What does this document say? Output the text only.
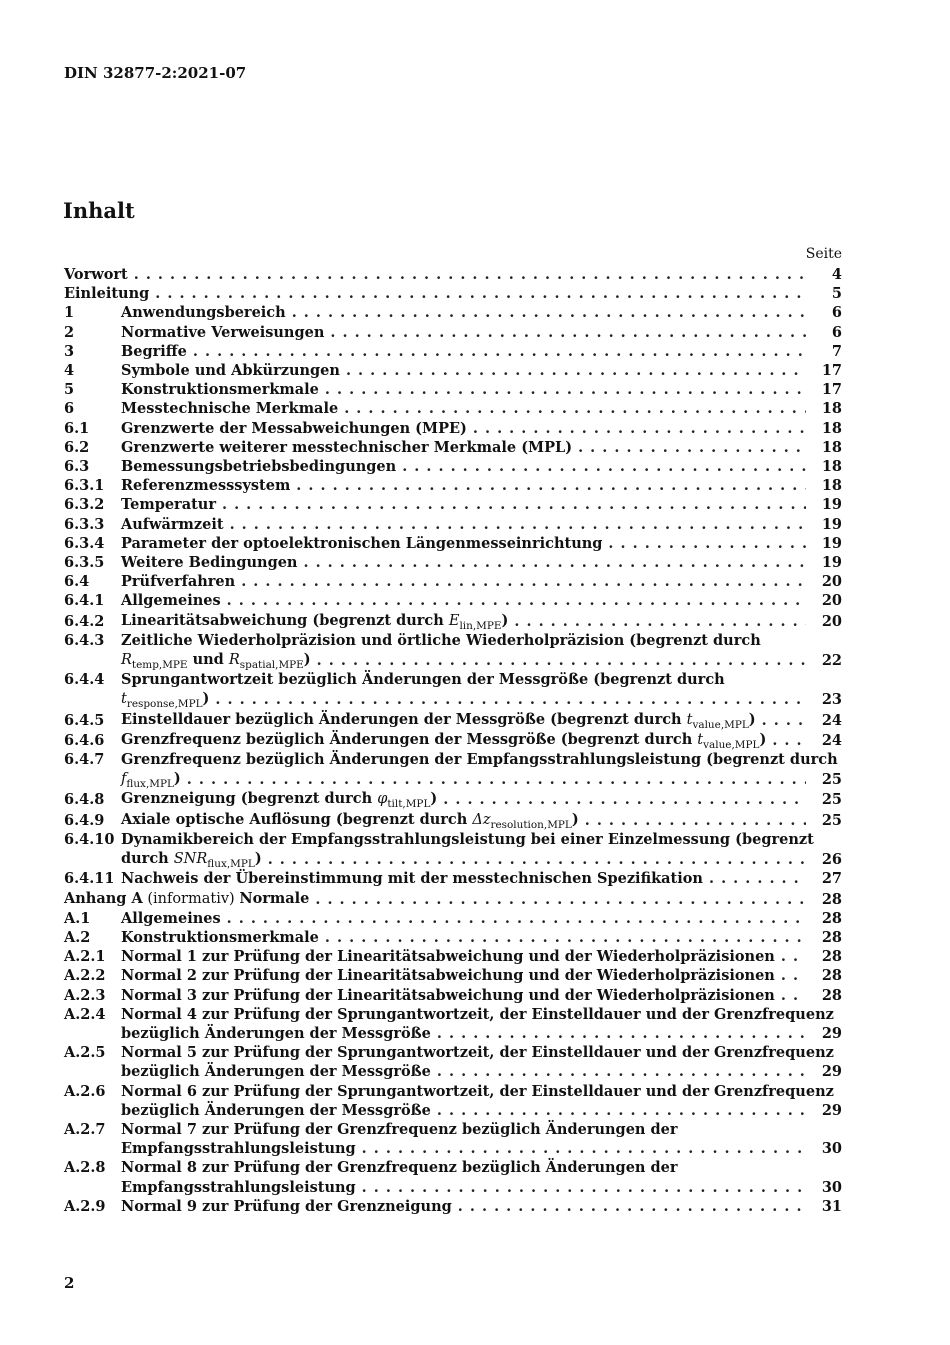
DIN 32877-2:2021-07
Inhalt
Seite
Vorwort . . .	4
Einleitung . . .	5
1	Anwendungsbereich . . .	6
2	Normative Verweisungen . . .	6
3	Begriffe . . .	7
4	Symbole und Abkürzungen . . .	17
5	Konstruktionsmerkmale . . .	17
6	Messtechnische Merkmale . . .	18
6.1	Grenzwerte der Messabweichungen (MPE) . . .	18
6.2	Grenzwerte weiterer messtechnischer Merkmale (MPL) . . .	18
6.3	Bemessungsbetriebsbedingungen . . .	18
6.3.1	Referenzmesssystem . . .	18
6.3.2	Temperatur . . .	19
6.3.3	Aufwärmzeit . . .	19
6.3.4	Parameter der optoelektronischen Längenmesseinrichtung . . .	19
6.3.5	Weitere Bedingungen . . .	19
6.4	Prüfverfahren . . .	20
6.4.1	Allgemeines . . .	20
6.4.2	Linearitätsabweichung (begrenzt durch $E_{lin,MPE}$) . . .	20
6.4.3	Zeitliche Wiederholpräzision und örtliche Wiederholpräzision (begrenzt durch
$R_{temp,MPE}$ und $R_{spatial,MPE}$) . . .	22
6.4.4	Sprungantwortzeit bezüglich Änderungen der Messgröße (begrenzt durch
$t_{response,MPL}$) . . .	23
6.4.5	Einstelldauer bezüglich Änderungen der Messgröße (begrenzt durch $t_{value,MPL}$) . . .	24
6.4.6	Grenzfrequenz bezüglich Änderungen der Messgröße (begrenzt durch $t_{value,MPL}$) . . .	24
6.4.7	Grenzfrequenz bezüglich Änderungen der Empfangsstrahlungsleistung (begrenzt durch
$f_{flux,MPL}$) . . .	25
6.4.8	Grenzneigung (begrenzt durch $\varphi_{tilt,MPL}$) . . .	25
6.4.9	Axiale optische Auflösung (begrenzt durch $\Delta z_{resolution,MPL}$) . . .	25
6.4.10 Dynamikbereich der Empfangsstrahlungsleistung bei einer Einzelmessung (begrenzt
durch $SNR_{flux,MPL}$) . . .	26
6.4.11 Nachweis der Übereinstimmung mit der messtechnischen Spezifikation . . .	27
Anhang A (informativ) Normale . . .	28
A.1	Allgemeines . . .	28
A.2	Konstruktionsmerkmale . . .	28
A.2.1	Normal 1 zur Prüfung der Linearitätsabweichung und der Wiederholpräzisionen . . .	28
A.2.2	Normal 2 zur Prüfung der Linearitätsabweichung und der Wiederholpräzisionen . . .	28
A.2.3	Normal 3 zur Prüfung der Linearitätsabweichung und der Wiederholpräzisionen . . .	28
A.2.4	Normal 4 zur Prüfung der Sprungantwortzeit, der Einstelldauer und der Grenzfrequenz
bezüglich Änderungen der Messgröße . . .	29
A.2.5	Normal 5 zur Prüfung der Sprungantwortzeit, der Einstelldauer und der Grenzfrequenz
bezüglich Änderungen der Messgröße . . .	29
A.2.6	Normal 6 zur Prüfung der Sprungantwortzeit, der Einstelldauer und der Grenzfrequenz
bezüglich Änderungen der Messgröße . . .	29
A.2.7	Normal 7 zur Prüfung der Grenzfrequenz bezüglich Änderungen der
Empfangsstrahlungsleistung . . .	30
A.2.8	Normal 8 zur Prüfung der Grenzfrequenz bezüglich Änderungen der
Empfangsstrahlungsleistung . . .	30
A.2.9	Normal 9 zur Prüfung der Grenzneigung . . .	31
2
